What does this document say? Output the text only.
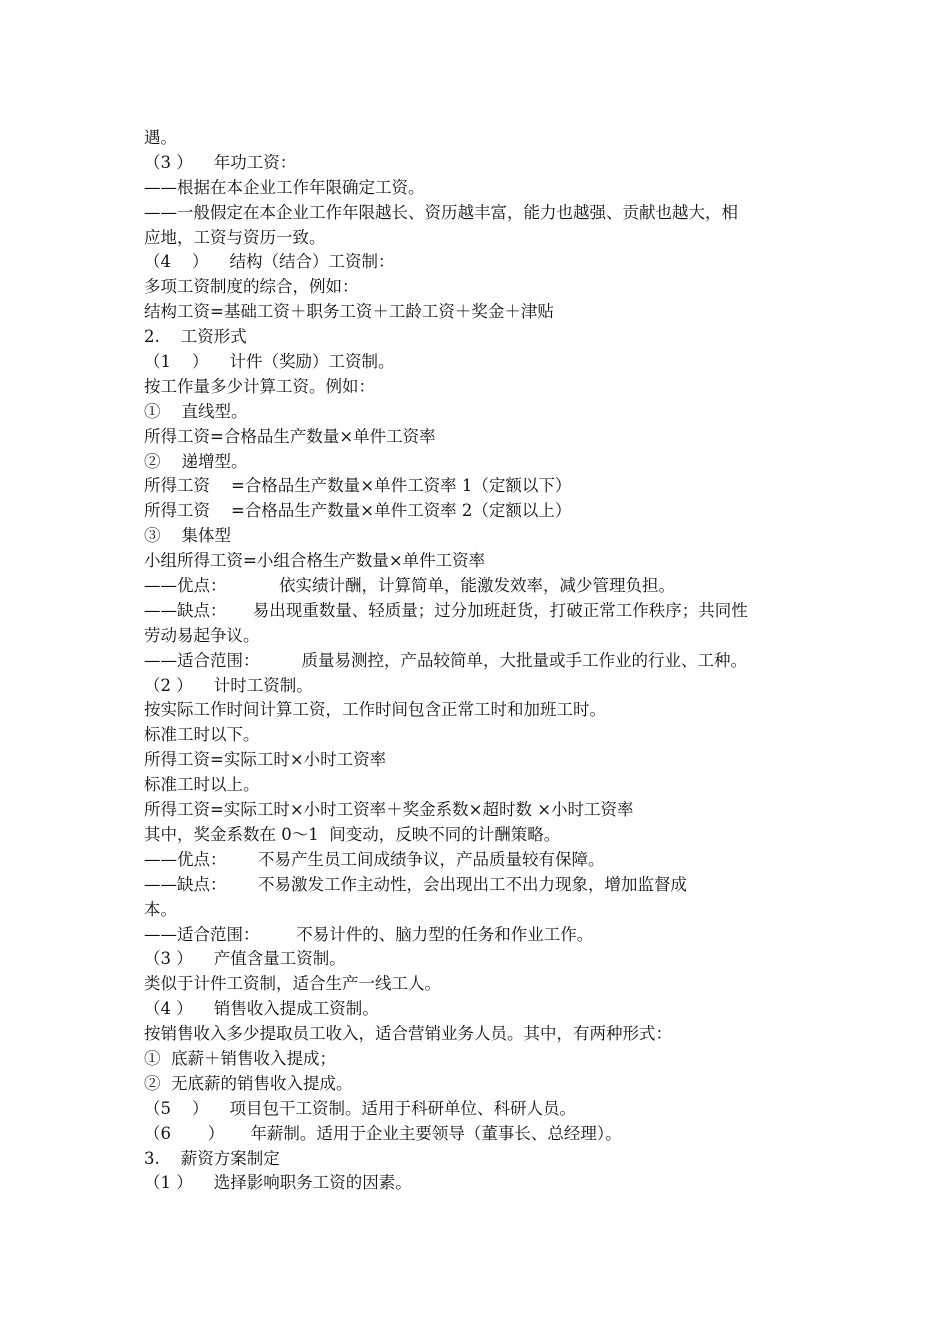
遇。
（3 ）    年功工资：
——根据在本企业工作年限确定工资。
——一般假定在本企业工作年限越长、资历越丰富，能力也越强、贡献也越大，相
应地，工资与资历一致。
（4    ）    结构（结合）工资制：
多项工资制度的综合，例如：
结构工资=基础工资＋职务工资＋工龄工资＋奖金＋津贴
2.    工资形式
（1    ）    计件（奖励）工资制。
按工作量多少计算工资。例如：
①    直线型。
所得工资=合格品生产数量×单件工资率
②    递增型。
所得工资    =合格品生产数量×单件工资率 1（定额以下）
所得工资    =合格品生产数量×单件工资率 2（定额以上）
③    集体型
小组所得工资=小组合格生产数量×单件工资率
——优点：          依实绩计酬，计算简单，能激发效率，减少管理负担。
——缺点：     易出现重数量、轻质量；过分加班赶货，打破正常工作秩序；共同性
劳动易起争议。
——适合范围：        质量易测控，产品较简单，大批量或手工作业的行业、工种。
（2 ）    计时工资制。
按实际工作时间计算工资，工作时间包含正常工时和加班工时。
标准工时以下。
所得工资=实际工时×小时工资率
标准工时以上。
所得工资=实际工时×小时工资率＋奖金系数×超时数 ×小时工资率
其中，奖金系数在 0～1  间变动，反映不同的计酬策略。
——优点：      不易产生员工间成绩争议，产品质量较有保障。
——缺点：      不易激发工作主动性，会出现出工不出力现象，增加监督成
本。
——适合范围：       不易计件的、脑力型的任务和作业工作。
（3 ）    产值含量工资制。
类似于计件工资制，适合生产一线工人。
（4 ）    销售收入提成工资制。
按销售收入多少提取员工收入，适合营销业务人员。其中，有两种形式：
①  底薪＋销售收入提成；
②  无底薪的销售收入提成。
（5    ）    项目包干工资制。适用于科研单位、科研人员。
（6       ）     年薪制。适用于企业主要领导（董事长、总经理）。
3.    薪资方案制定
（1 ）    选择影响职务工资的因素。
